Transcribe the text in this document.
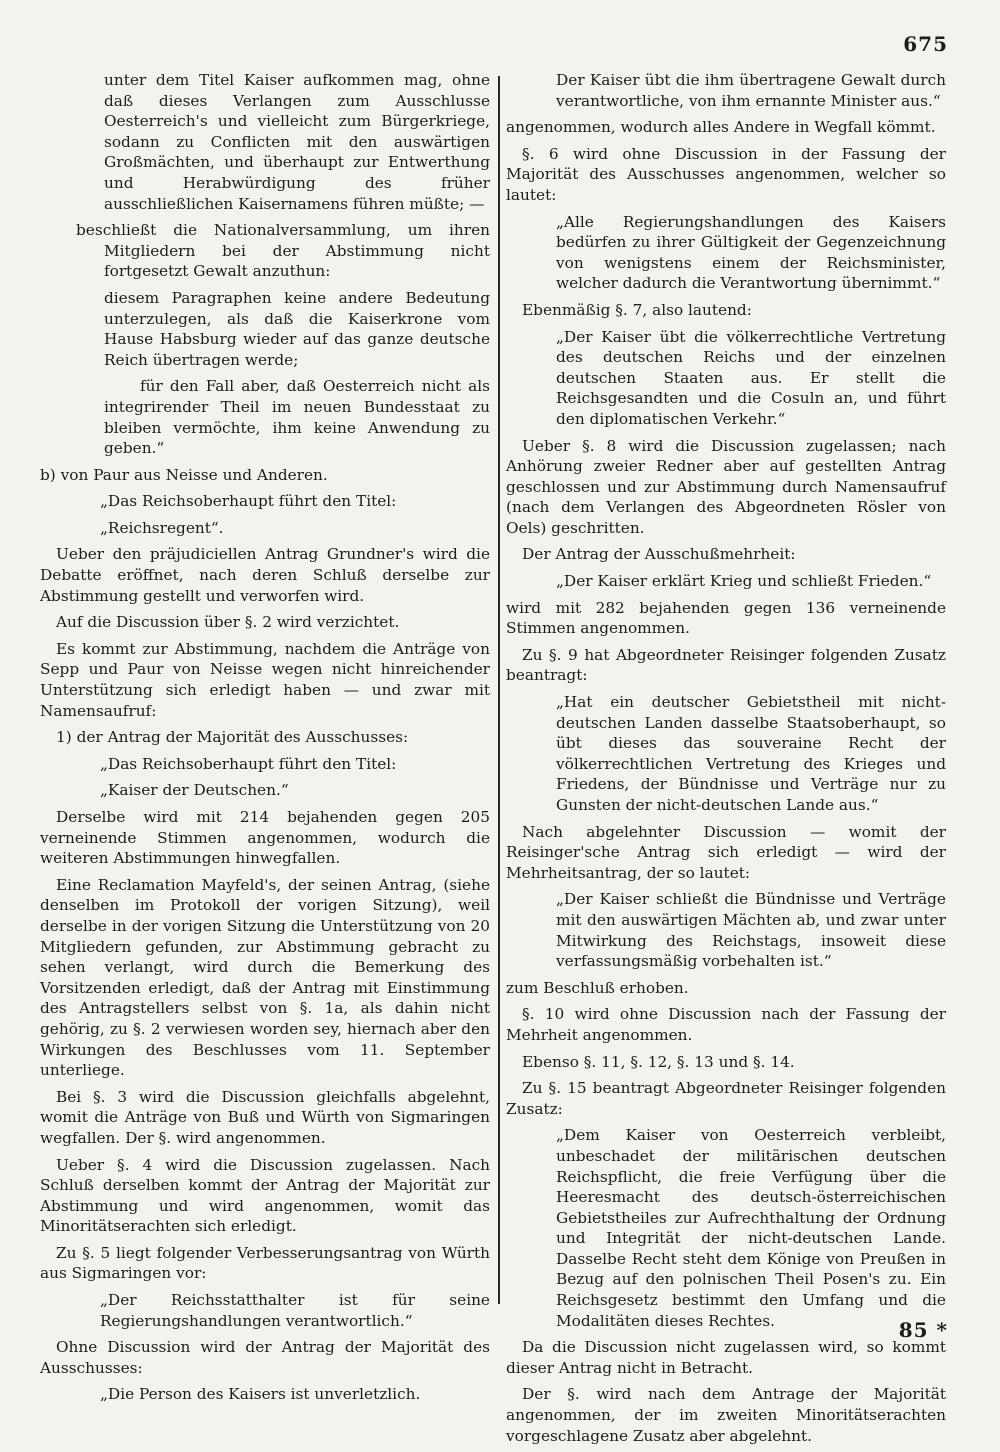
675

unter dem Titel Kaiser aufkommen mag, ohne daß dieses Verlangen zum Ausschlusse Oesterreich's und vielleicht zum Bürgerkriege, sodann zu Conflicten mit den auswärtigen Großmächten, und überhaupt zur Entwerthung und Herabwürdigung des früher ausschließlichen Kaisernamens führen müßte; —

beschließt die Nationalversammlung, um ihren Mitgliedern bei der Abstimmung nicht fortgesetzt Gewalt anzuthun:

diesem Paragraphen keine andere Bedeutung unterzulegen, als daß die Kaiserkrone vom Hause Habsburg wieder auf das ganze deutsche Reich übertragen werde;

für den Fall aber, daß Oesterreich nicht als integrirender Theil im neuen Bundesstaat zu bleiben vermöchte, ihm keine Anwendung zu geben.“

b) von Paur aus Neisse und Anderen.

„Das Reichsoberhaupt führt den Titel:

„Reichsregent“.

Ueber den präjudiciellen Antrag Grundner's wird die Debatte eröffnet, nach deren Schluß derselbe zur Abstimmung gestellt und verworfen wird.

Auf die Discussion über §. 2 wird verzichtet.

Es kommt zur Abstimmung, nachdem die Anträge von Sepp und Paur von Neisse wegen nicht hinreichender Unterstützung sich erledigt haben — und zwar mit Namensaufruf:

1) der Antrag der Majorität des Ausschusses:

„Das Reichsoberhaupt führt den Titel:

„Kaiser der Deutschen.“

Derselbe wird mit 214 bejahenden gegen 205 verneinende Stimmen angenommen, wodurch die weiteren Abstimmungen hinwegfallen.

Eine Reclamation Mayfeld's, der seinen Antrag, (siehe denselben im Protokoll der vorigen Sitzung), weil derselbe in der vorigen Sitzung die Unterstützung von 20 Mitgliedern gefunden, zur Abstimmung gebracht zu sehen verlangt, wird durch die Bemerkung des Vorsitzenden erledigt, daß der Antrag mit Einstimmung des Antragstellers selbst von §. 1a, als dahin nicht gehörig, zu §. 2 verwiesen worden sey, hiernach aber den Wirkungen des Beschlusses vom 11. September unterliege.

Bei §. 3 wird die Discussion gleichfalls abgelehnt, womit die Anträge von Buß und Würth von Sigmaringen wegfallen. Der §. wird angenommen.

Ueber §. 4 wird die Discussion zugelassen. Nach Schluß derselben kommt der Antrag der Majorität zur Abstimmung und wird angenommen, womit das Minoritätserachten sich erledigt.

Zu §. 5 liegt folgender Verbesserungsantrag von Würth aus Sigmaringen vor:

„Der Reichsstatthalter ist für seine Regierungshandlungen verantwortlich.“

Ohne Discussion wird der Antrag der Majorität des Ausschusses:

„Die Person des Kaisers ist unverletzlich.

Der Kaiser übt die ihm übertragene Gewalt durch verantwortliche, von ihm ernannte Minister aus.“

angenommen, wodurch alles Andere in Wegfall kömmt.

§. 6 wird ohne Discussion in der Fassung der Majorität des Ausschusses angenommen, welcher so lautet:

„Alle Regierungshandlungen des Kaisers bedürfen zu ihrer Gültigkeit der Gegenzeichnung von wenigstens einem der Reichsminister, welcher dadurch die Verantwortung übernimmt.“

Ebenmäßig §. 7, also lautend:

„Der Kaiser übt die völkerrechtliche Vertretung des deutschen Reichs und der einzelnen deutschen Staaten aus. Er stellt die Reichsgesandten und die Cosuln an, und führt den diplomatischen Verkehr.“

Ueber §. 8 wird die Discussion zugelassen; nach Anhörung zweier Redner aber auf gestellten Antrag geschlossen und zur Abstimmung durch Namensaufruf (nach dem Verlangen des Abgeordneten Rösler von Oels) geschritten.

Der Antrag der Ausschußmehrheit:

„Der Kaiser erklärt Krieg und schließt Frieden.“

wird mit 282 bejahenden gegen 136 verneinende Stimmen angenommen.

Zu §. 9 hat Abgeordneter Reisinger folgenden Zusatz beantragt:

„Hat ein deutscher Gebietstheil mit nicht-deutschen Landen dasselbe Staatsoberhaupt, so übt dieses das souveraine Recht der völkerrechtlichen Vertretung des Krieges und Friedens, der Bündnisse und Verträge nur zu Gunsten der nicht-deutschen Lande aus.“

Nach abgelehnter Discussion — womit der Reisinger'sche Antrag sich erledigt — wird der Mehrheitsantrag, der so lautet:

„Der Kaiser schließt die Bündnisse und Verträge mit den auswärtigen Mächten ab, und zwar unter Mitwirkung des Reichstags, insoweit diese verfassungsmäßig vorbehalten ist.“

zum Beschluß erhoben.

§. 10 wird ohne Discussion nach der Fassung der Mehrheit angenommen.

Ebenso §. 11, §. 12, §. 13 und §. 14.

Zu §. 15 beantragt Abgeordneter Reisinger folgenden Zusatz:

„Dem Kaiser von Oesterreich verbleibt, unbeschadet der militärischen deutschen Reichspflicht, die freie Verfügung über die Heeresmacht des deutsch-österreichischen Gebietstheiles zur Aufrechthaltung der Ordnung und Integrität der nicht-deutschen Lande. Dasselbe Recht steht dem Könige von Preußen in Bezug auf den polnischen Theil Posen's zu. Ein Reichsgesetz bestimmt den Umfang und die Modalitäten dieses Rechtes.

Da die Discussion nicht zugelassen wird, so kommt dieser Antrag nicht in Betracht.

Der §. wird nach dem Antrage der Majorität angenommen, der im zweiten Minoritätserachten vorgeschlagene Zusatz aber abgelehnt.

85 *
